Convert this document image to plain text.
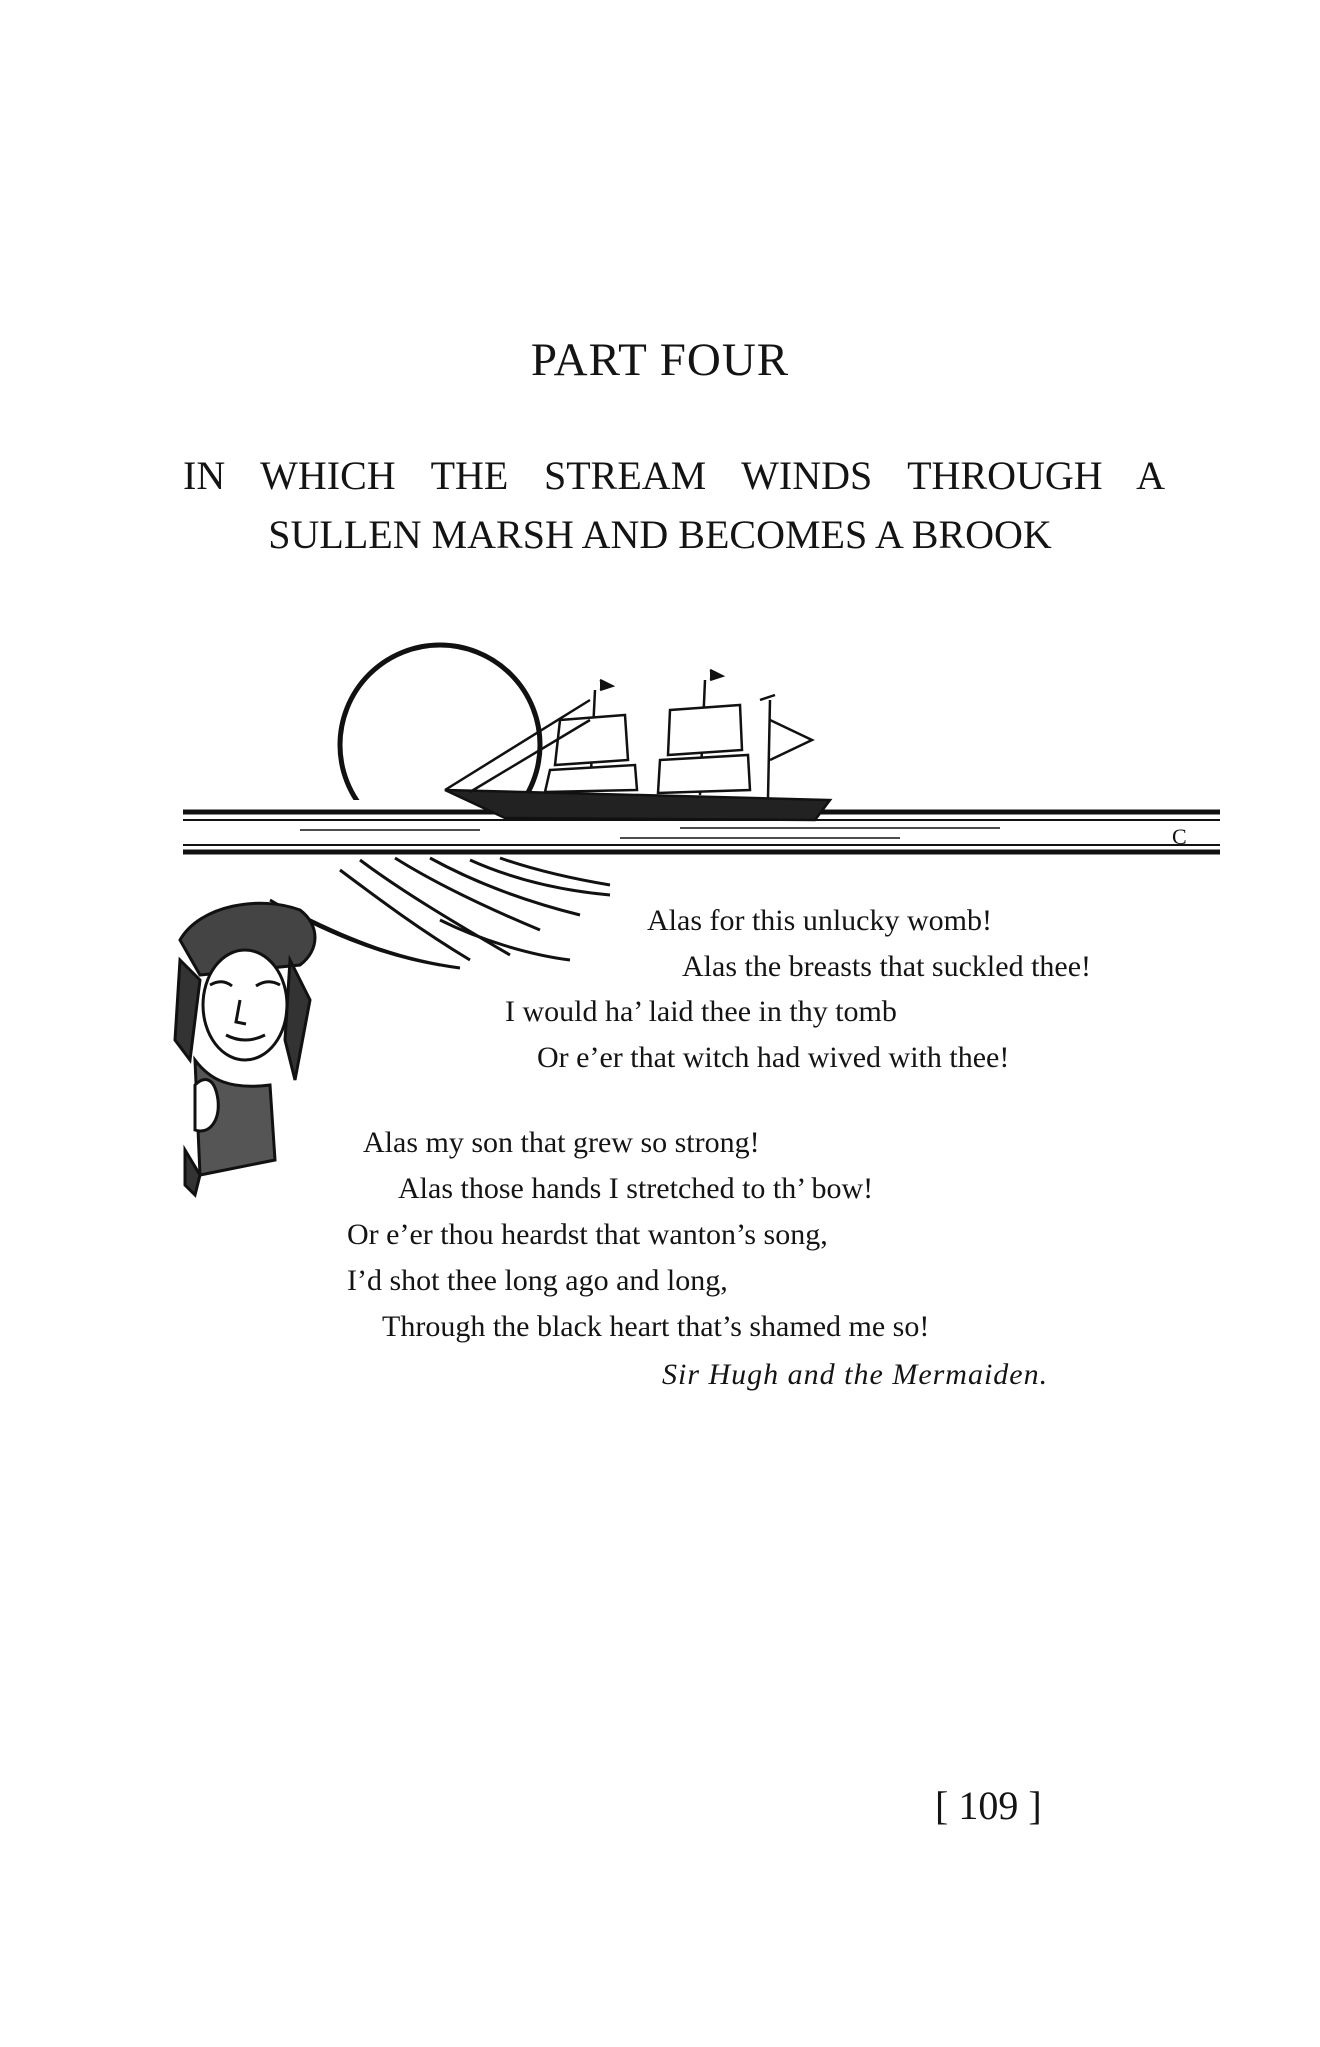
PART FOUR
IN WHICH THE STREAM WINDS THROUGH A
SULLEN MARSH AND BECOMES A BROOK
C
Alas for this unlucky womb!
Alas the breasts that suckled thee!
I would ha’ laid thee in thy tomb
Or e’er that witch had wived with thee!
Alas my son that grew so strong!
Alas those hands I stretched to th’ bow!
Or e’er thou heardst that wanton’s song,
I’d shot thee long ago and long,
Through the black heart that’s shamed me so!
Sir Hugh and the Mermaiden.
[ 109 ]
